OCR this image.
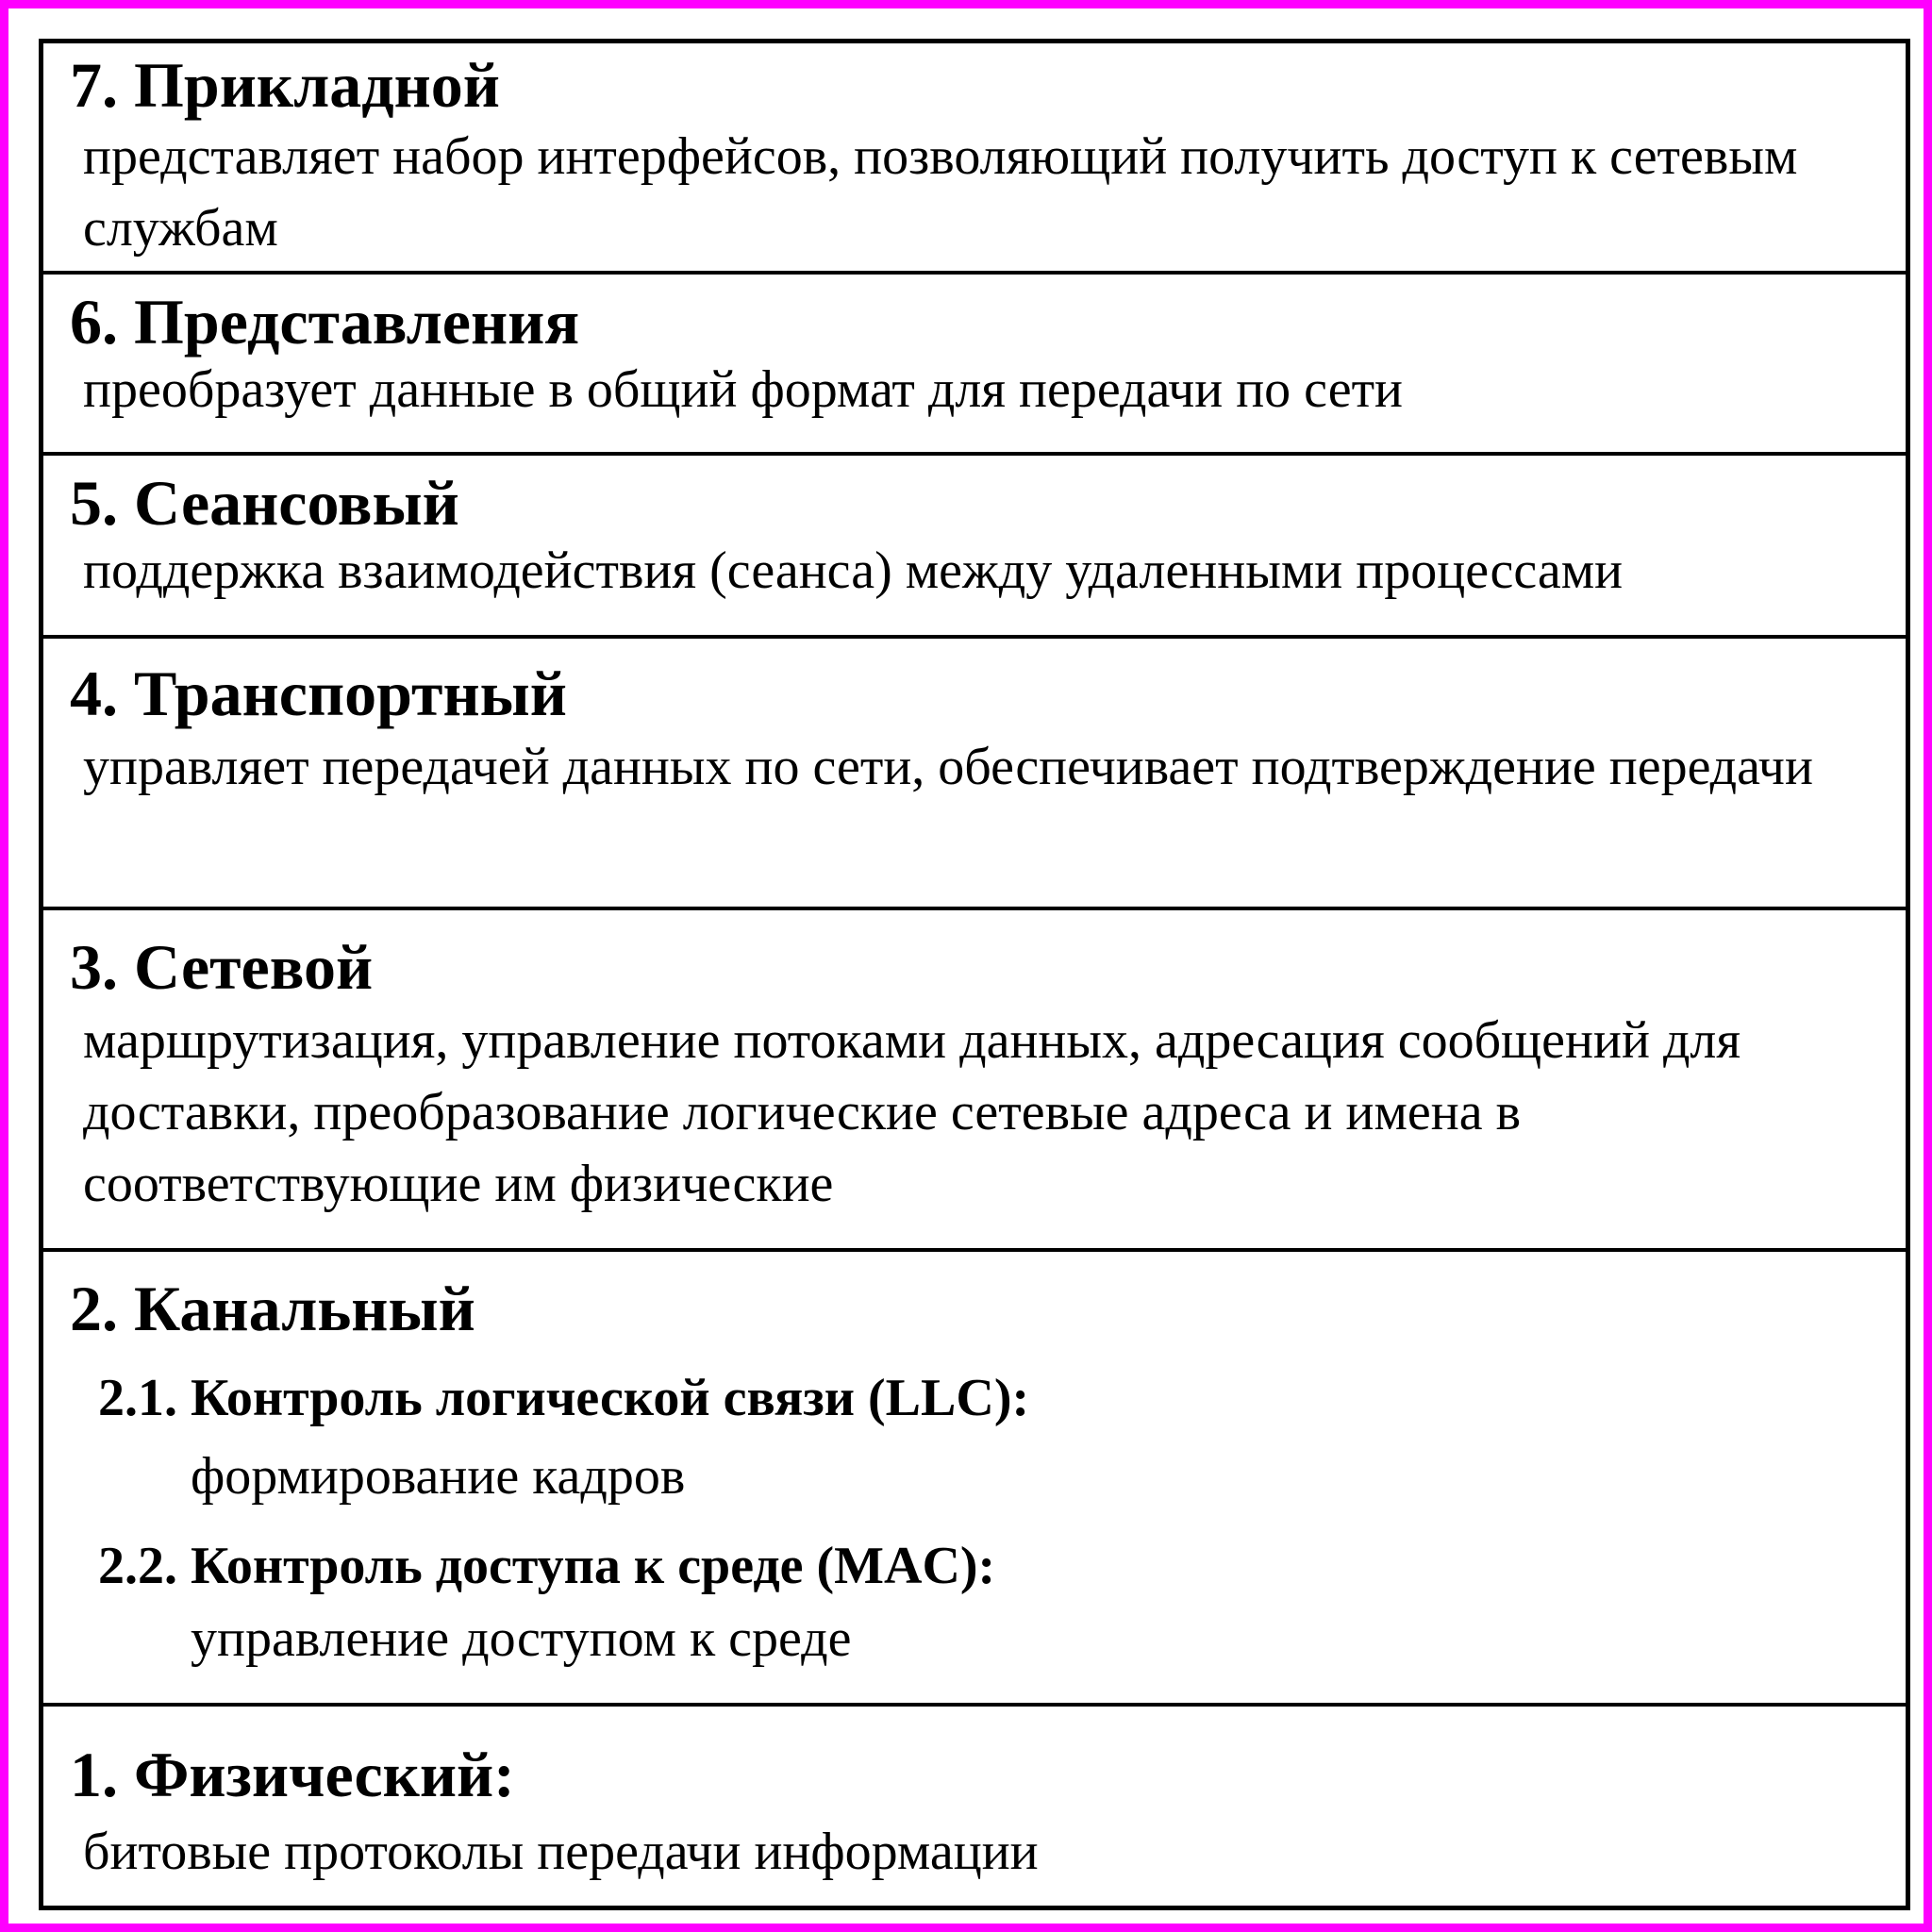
7. Прикладной
представляет набор интерфейсов, позволяющий получить доступ к сетевым службам
6. Представления
преобразует данные в общий формат для передачи по сети
5. Сеансовый
поддержка взаимодействия (сеанса) между удаленными процессами
4. Транспортный
управляет передачей данных по сети, обеспечивает подтверждение передачи
3. Сетевой
маршрутизация, управление потоками данных, адресация сообщений для доставки, преобразование логические сетевые адреса и имена в соответствующие им физические
2. Канальный
2.1. Контроль логической связи (LLC):
формирование кадров
2.2. Контроль доступа к среде (MAC):
управление доступом к среде
1. Физический:
битовые протоколы передачи информации
